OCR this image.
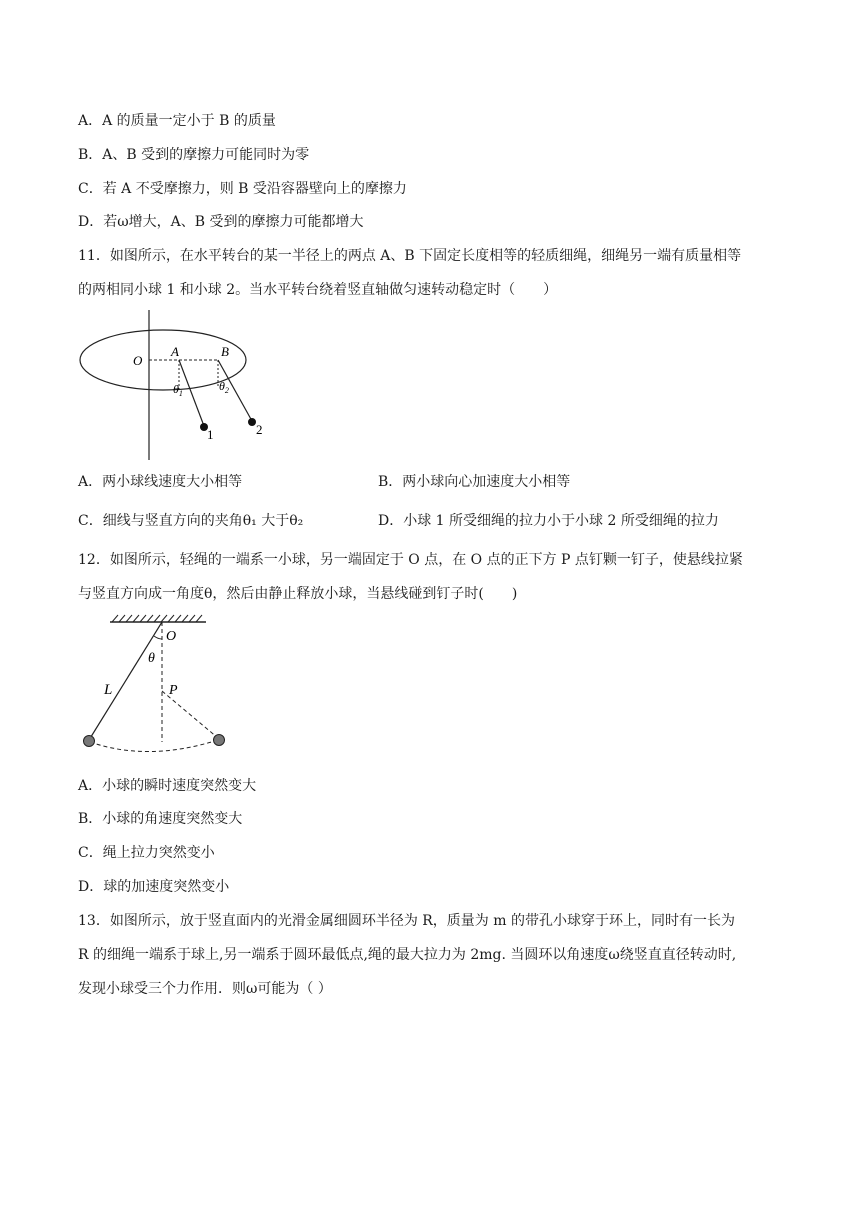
A．A 的质量一定小于 B 的质量
B．A、B 受到的摩擦力可能同时为零
C．若 A 不受摩擦力，则 B 受沿容器壁向上的摩擦力
D．若ω增大，A、B 受到的摩擦力可能都增大
11．如图所示，在水平转台的某一半径上的两点 A、B 下固定长度相等的轻质细绳，细绳另一端有质量相等
的两相同小球 1 和小球 2。当水平转台绕着竖直轴做匀速转动稳定时（　　）
O
A	B
$\theta_1$
$\theta_2$
1	2
A．两小球线速度大小相等	B．两小球向心加速度大小相等
C．细线与竖直方向的夹角θ₁ 大于θ₂	D．小球 1 所受细绳的拉力小于小球 2 所受细绳的拉力
12．如图所示，轻绳的一端系一小球，另一端固定于 O 点，在 O 点的正下方 P 点钉颗一钉子，使悬线拉紧
与竖直方向成一角度θ，然后由静止释放小球，当悬线碰到钉子时(　　)
O
θ
L	P
A．小球的瞬时速度突然变大
B．小球的角速度突然变大
C．绳上拉力突然变小
D．球的加速度突然变小
13．如图所示，放于竖直面内的光滑金属细圆环半径为 R，质量为 m 的带孔小球穿于环上，同时有一长为
R 的细绳一端系于球上,另一端系于圆环最低点,绳的最大拉力为 2mg. 当圆环以角速度ω绕竖直直径转动时,
发现小球受三个力作用．则ω可能为（ ）
